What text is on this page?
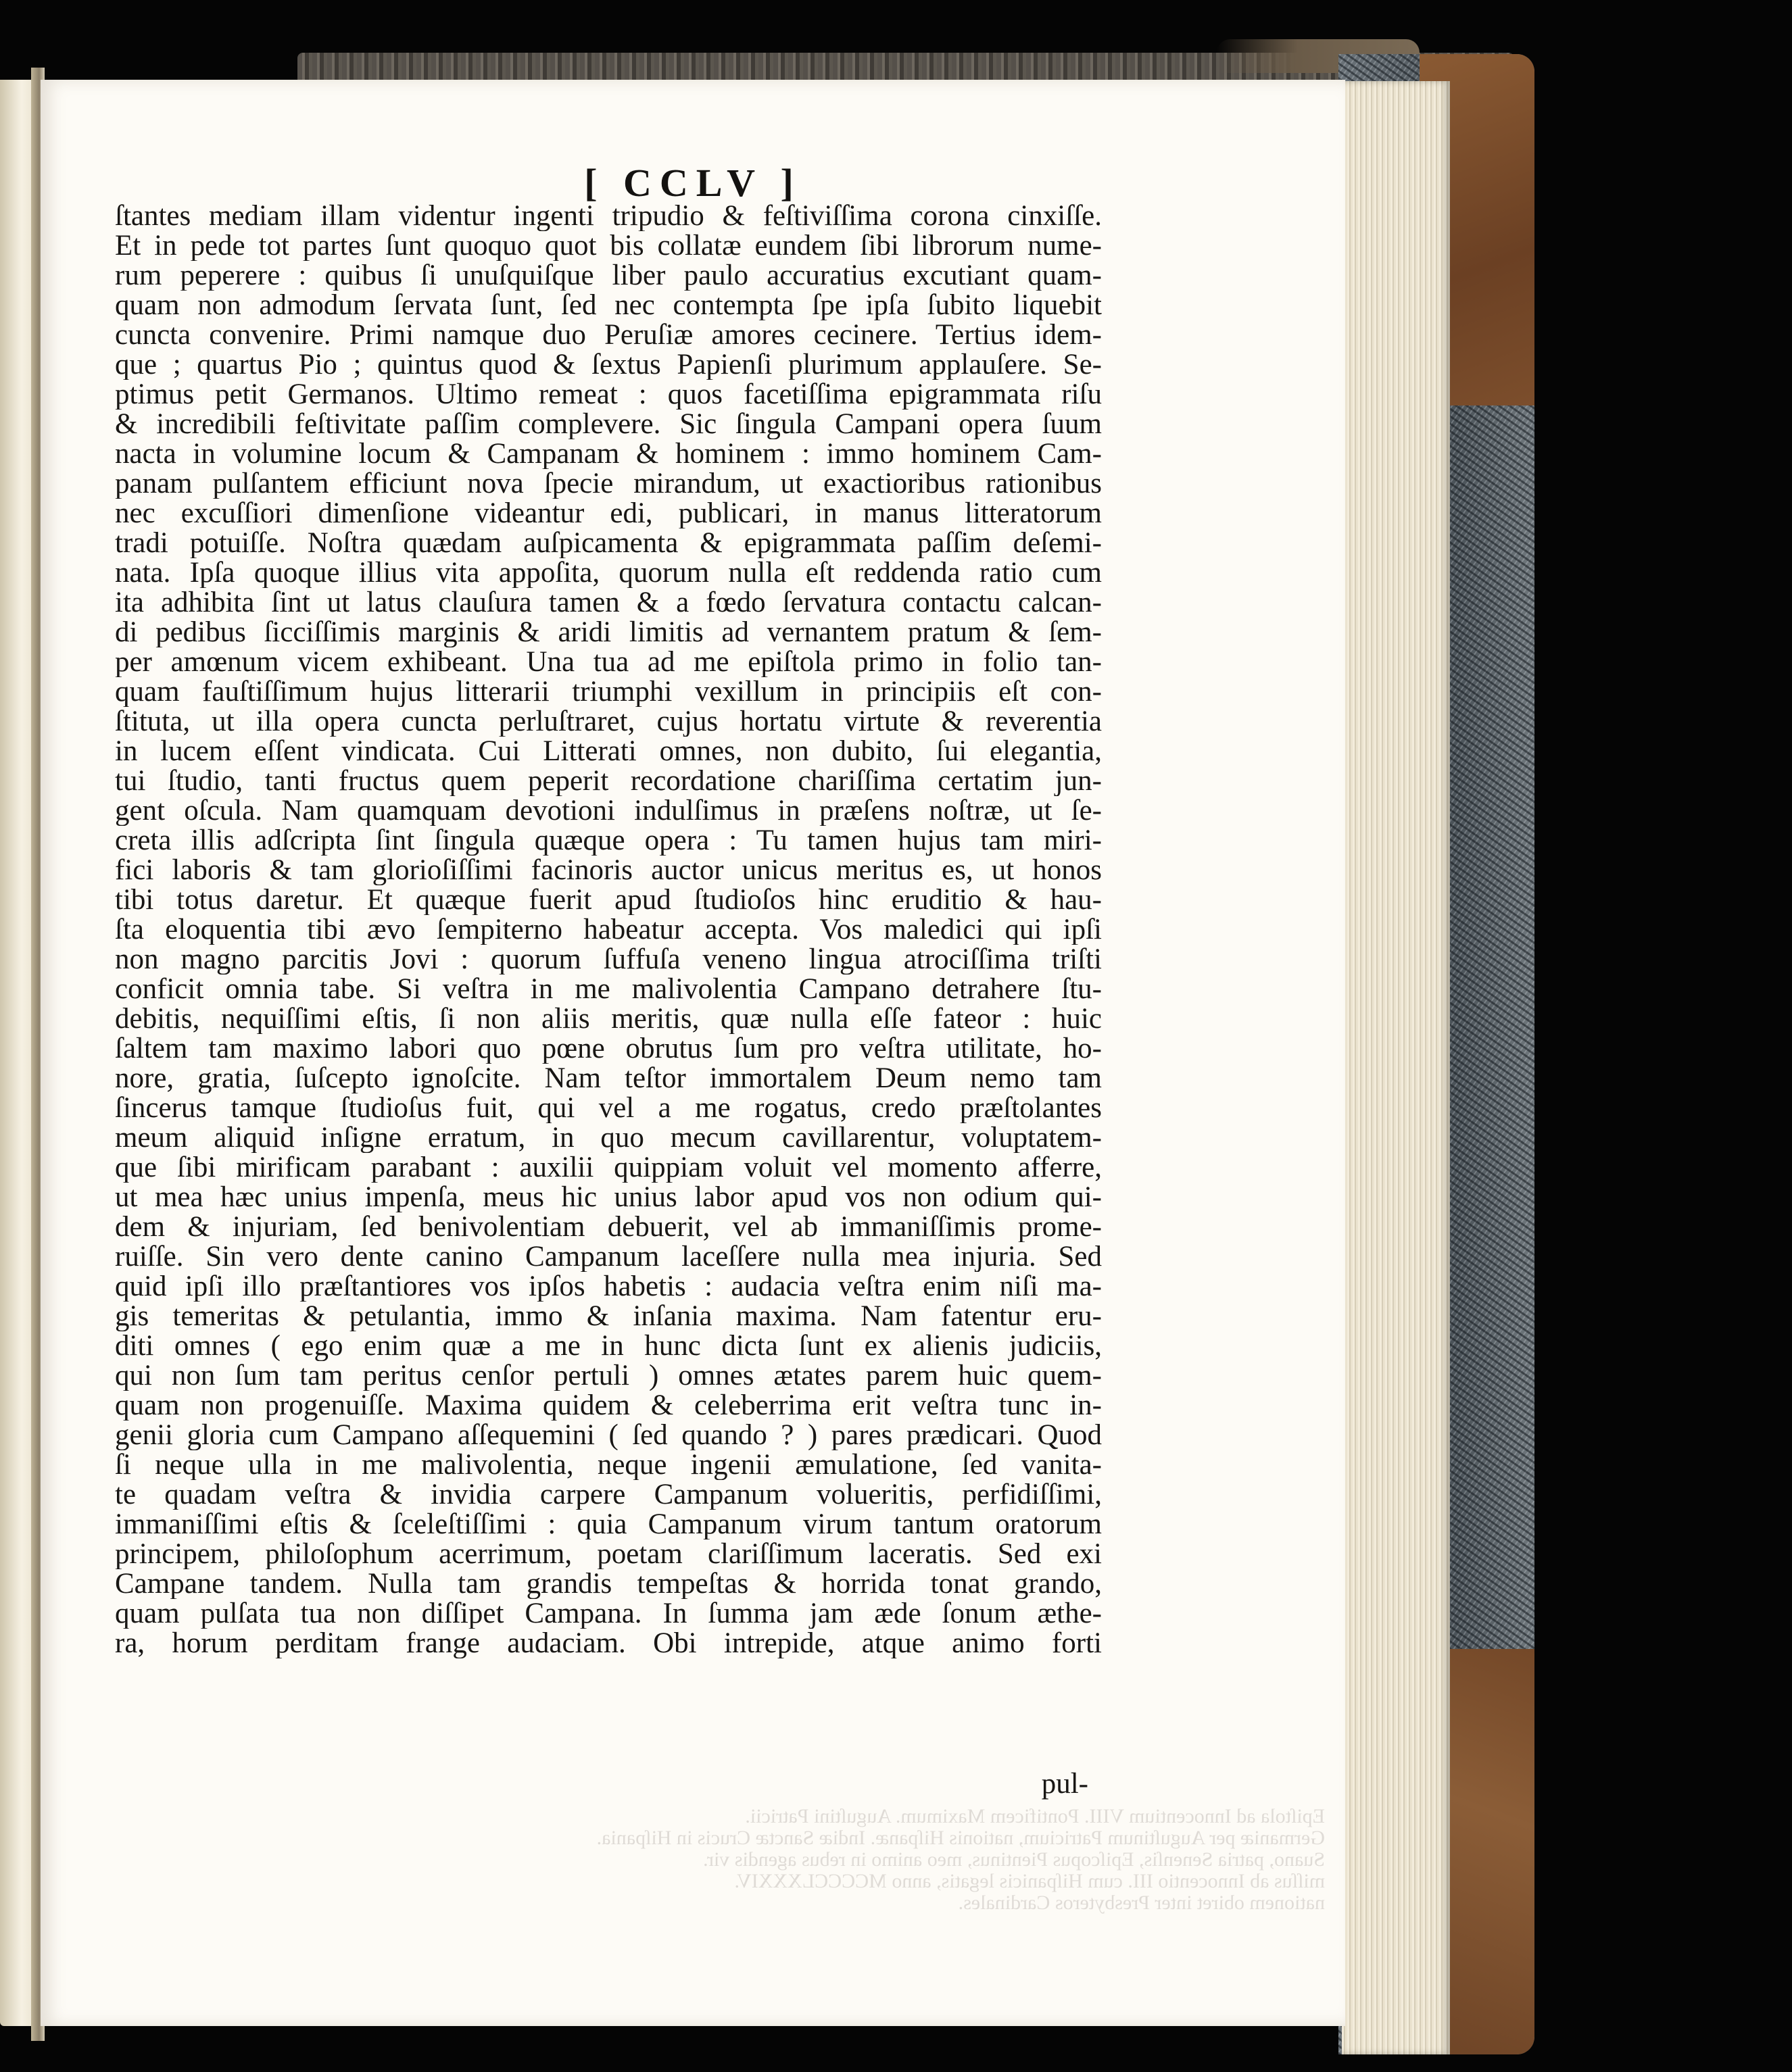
[ CCLV ]
ſtantes mediam illam videntur ingenti tripudio & feſtiviſſima corona cinxiſſe.
Et in pede tot partes ſunt quoquo quot bis collatæ eundem ſibi librorum nume-
rum peperere : quibus ſi unuſquiſque liber paulo accuratius excutiant quam-
quam non admodum ſervata ſunt, ſed nec contempta ſpe ipſa ſubito liquebit
cuncta convenire. Primi namque duo Peruſiæ amores cecinere. Tertius idem-
que ; quartus Pio ; quintus quod & ſextus Papienſi plurimum applauſere. Se-
ptimus petit Germanos. Ultimo remeat : quos facetiſſima epigrammata riſu
& incredibili feſtivitate paſſim complevere. Sic ſingula Campani opera ſuum
nacta in volumine locum & Campanam & hominem : immo hominem Cam-
panam pulſantem efficiunt nova ſpecie mirandum, ut exactioribus rationibus
nec excuſſiori dimenſione videantur edi, publicari, in manus litteratorum
tradi potuiſſe. Noſtra quædam auſpicamenta & epigrammata paſſim deſemi-
nata. Ipſa quoque illius vita appoſita, quorum nulla eſt reddenda ratio cum
ita adhibita ſint ut latus clauſura tamen & a fœdo ſervatura contactu calcan-
di pedibus ſicciſſimis marginis & aridi limitis ad vernantem pratum & ſem-
per amœnum vicem exhibeant. Una tua ad me epiſtola primo in folio tan-
quam fauſtiſſimum hujus litterarii triumphi vexillum in principiis eſt con-
ſtituta, ut illa opera cuncta perluſtraret, cujus hortatu virtute & reverentia
in lucem eſſent vindicata. Cui Litterati omnes, non dubito, ſui elegantia,
tui ſtudio, tanti fructus quem peperit recordatione chariſſima certatim jun-
gent oſcula. Nam quamquam devotioni indulſimus in præſens noſtræ, ut ſe-
creta illis adſcripta ſint ſingula quæque opera : Tu tamen hujus tam miri-
fici laboris & tam glorioſiſſimi facinoris auctor unicus meritus es, ut honos
tibi totus daretur. Et quæque fuerit apud ſtudioſos hinc eruditio & hau-
ſta eloquentia tibi ævo ſempiterno habeatur accepta. Vos maledici qui ipſi
non magno parcitis Jovi : quorum ſuffuſa veneno lingua atrociſſima triſti
conficit omnia tabe. Si veſtra in me malivolentia Campano detrahere ſtu-
debitis, nequiſſimi eſtis, ſi non aliis meritis, quæ nulla eſſe fateor : huic
ſaltem tam maximo labori quo pœne obrutus ſum pro veſtra utilitate, ho-
nore, gratia, ſuſcepto ignoſcite. Nam teſtor immortalem Deum nemo tam
ſincerus tamque ſtudioſus fuit, qui vel a me rogatus, credo præſtolantes
meum aliquid inſigne erratum, in quo mecum cavillarentur, voluptatem-
que ſibi mirificam parabant : auxilii quippiam voluit vel momento afferre,
ut mea hæc unius impenſa, meus hic unius labor apud vos non odium qui-
dem & injuriam, ſed benivolentiam debuerit, vel ab immaniſſimis prome-
ruiſſe. Sin vero dente canino Campanum laceſſere nulla mea injuria. Sed
quid ipſi illo præſtantiores vos ipſos habetis : audacia veſtra enim niſi ma-
gis temeritas & petulantia, immo & inſania maxima. Nam fatentur eru-
diti omnes ( ego enim quæ a me in hunc dicta ſunt ex alienis judiciis,
qui non ſum tam peritus cenſor pertuli ) omnes ætates parem huic quem-
quam non progenuiſſe. Maxima quidem & celeberrima erit veſtra tunc in-
genii gloria cum Campano aſſequemini ( ſed quando ? ) pares prædicari. Quod
ſi neque ulla in me malivolentia, neque ingenii æmulatione, ſed vanita-
te quadam veſtra & invidia carpere Campanum volueritis, perfidiſſimi,
immaniſſimi eſtis & ſceleſtiſſimi : quia Campanum virum tantum oratorum
principem, philoſophum acerrimum, poetam clariſſimum laceratis. Sed exi
Campane tandem. Nulla tam grandis tempeſtas & horrida tonat grando,
quam pulſata tua non diſſipet Campana. In ſumma jam æde ſonum æthe-
ra, horum perditam frange audaciam. Obi intrepide, atque animo forti
pul-
Epiſtola ad Innocentium VIII. Pontificem Maximum. Auguſtini Patricii.
Germaniæ per Auguſtinum Patricium, nationis Hiſpanæ. Indiæ Sanctæ Crucis in Hiſpania.
Suano, patria Senenſis, Epiſcopus Pientinus, meo animo in rebus agendis vir.
miſſus ab Innocentio III. cum Hiſpanicis legatis, anno MCCCCLXXXIV.
nationem obiret inter Presbyteros Cardinales.
